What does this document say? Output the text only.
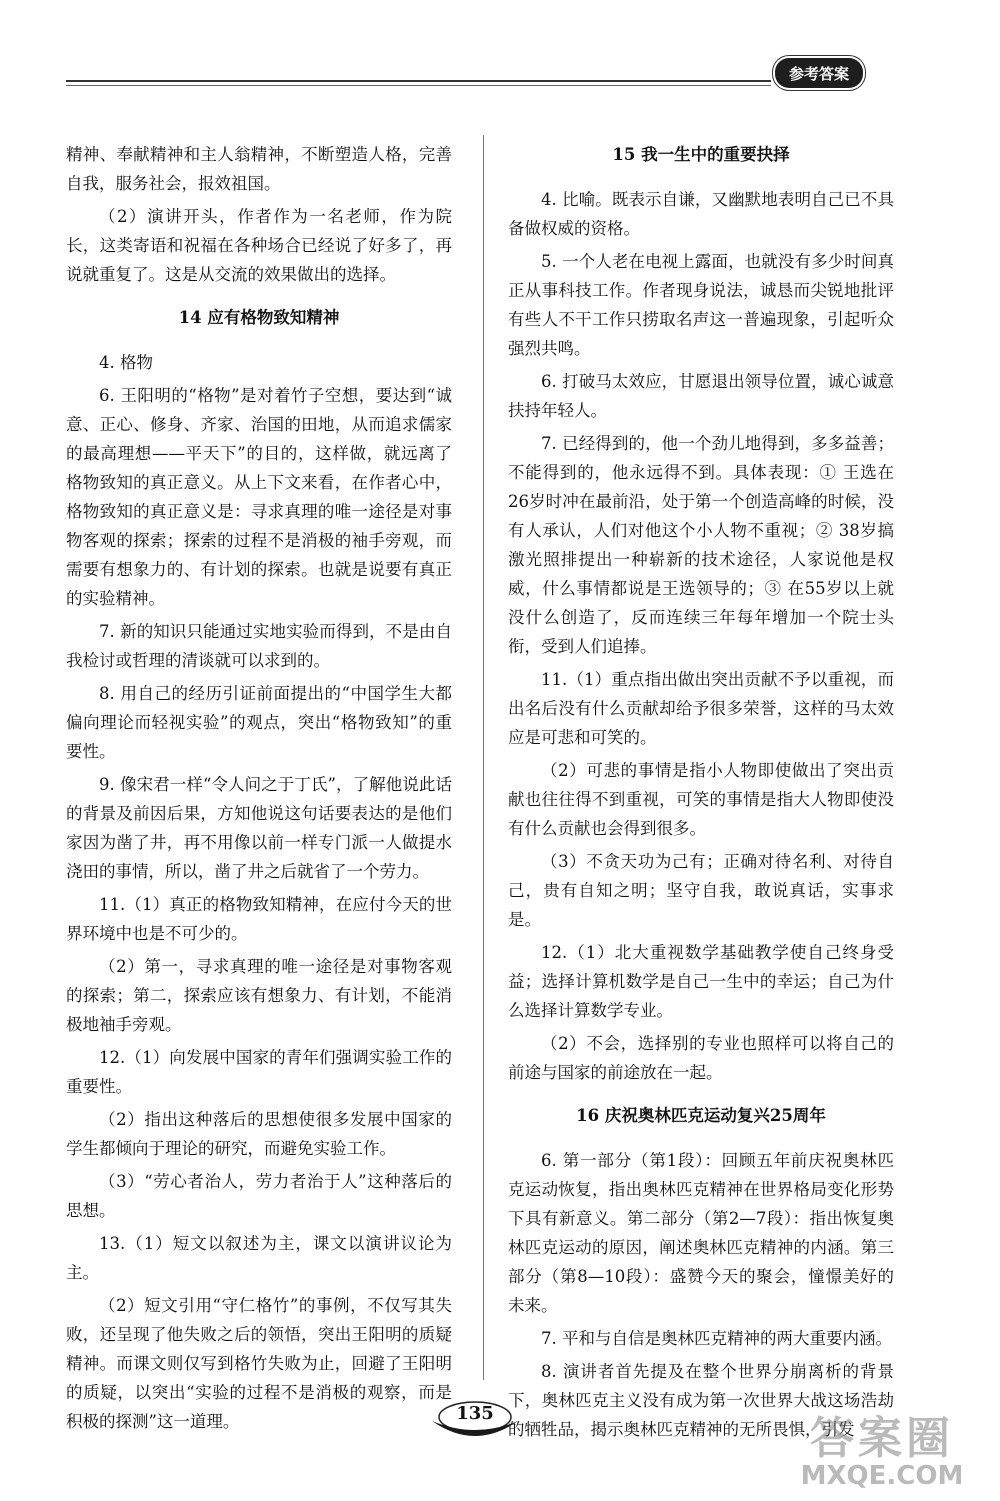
参考答案

精神、奉献精神和主人翁精神，不断塑造人格，完善自我，服务社会，报效祖国。

（2）演讲开头，作者作为一名老师，作为院长，这类寄语和祝福在各种场合已经说了好多了，再说就重复了。这是从交流的效果做出的选择。

14 应有格物致知精神

4. 格物

6. 王阳明的“格物”是对着竹子空想，要达到“诚意、正心、修身、齐家、治国的田地，从而追求儒家的最高理想——平天下”的目的，这样做，就远离了格物致知的真正意义。从上下文来看，在作者心中，格物致知的真正意义是：寻求真理的唯一途径是对事物客观的探索；探索的过程不是消极的袖手旁观，而需要有想象力的、有计划的探索。也就是说要有真正的实验精神。

7. 新的知识只能通过实地实验而得到，不是由自我检讨或哲理的清谈就可以求到的。

8. 用自己的经历引证前面提出的“中国学生大都偏向理论而轻视实验”的观点，突出“格物致知”的重要性。

9. 像宋君一样“令人问之于丁氏”，了解他说此话的背景及前因后果，方知他说这句话要表达的是他们家因为凿了井，再不用像以前一样专门派一人做提水浇田的事情，所以，凿了井之后就省了一个劳力。

11.（1）真正的格物致知精神，在应付今天的世界环境中也是不可少的。

（2）第一，寻求真理的唯一途径是对事物客观的探索；第二，探索应该有想象力、有计划，不能消极地袖手旁观。

12.（1）向发展中国家的青年们强调实验工作的重要性。

（2）指出这种落后的思想使很多发展中国家的学生都倾向于理论的研究，而避免实验工作。

（3）“劳心者治人，劳力者治于人”这种落后的思想。

13.（1）短文以叙述为主，课文以演讲议论为主。

（2）短文引用“守仁格竹”的事例，不仅写其失败，还呈现了他失败之后的领悟，突出王阳明的质疑精神。而课文则仅写到格竹失败为止，回避了王阳明的质疑，以突出“实验的过程不是消极的观察，而是积极的探测”这一道理。

15 我一生中的重要抉择

4. 比喻。既表示自谦，又幽默地表明自己已不具备做权威的资格。

5. 一个人老在电视上露面，也就没有多少时间真正从事科技工作。作者现身说法，诚恳而尖锐地批评有些人不干工作只捞取名声这一普遍现象，引起听众强烈共鸣。

6. 打破马太效应，甘愿退出领导位置，诚心诚意扶持年轻人。

7. 已经得到的，他一个劲儿地得到，多多益善；不能得到的，他永远得不到。具体表现：① 王选在26岁时冲在最前沿，处于第一个创造高峰的时候，没有人承认，人们对他这个小人物不重视；② 38岁搞激光照排提出一种崭新的技术途径，人家说他是权威，什么事情都说是王选领导的；③ 在55岁以上就没什么创造了，反而连续三年每年增加一个院士头衔，受到人们追捧。

11.（1）重点指出做出突出贡献不予以重视，而出名后没有什么贡献却给予很多荣誉，这样的马太效应是可悲和可笑的。

（2）可悲的事情是指小人物即使做出了突出贡献也往往得不到重视，可笑的事情是指大人物即使没有什么贡献也会得到很多。

（3）不贪天功为己有；正确对待名利、对待自己，贵有自知之明；坚守自我，敢说真话，实事求是。

12.（1）北大重视数学基础教学使自己终身受益；选择计算机数学是自己一生中的幸运；自己为什么选择计算数学专业。

（2）不会，选择别的专业也照样可以将自己的前途与国家的前途放在一起。

16 庆祝奥林匹克运动复兴25周年

6. 第一部分（第1段）：回顾五年前庆祝奥林匹克运动恢复，指出奥林匹克精神在世界格局变化形势下具有新意义。第二部分（第2—7段）：指出恢复奥林匹克运动的原因，阐述奥林匹克精神的内涵。第三部分（第8—10段）：盛赞今天的聚会，憧憬美好的未来。

7. 平和与自信是奥林匹克精神的两大重要内涵。

8. 演讲者首先提及在整个世界分崩离析的背景下，奥林匹克主义没有成为第一次世界大战这场浩劫的牺牲品，揭示奥林匹克精神的无所畏惧，引发

135	答案圈
MXQE.COM
